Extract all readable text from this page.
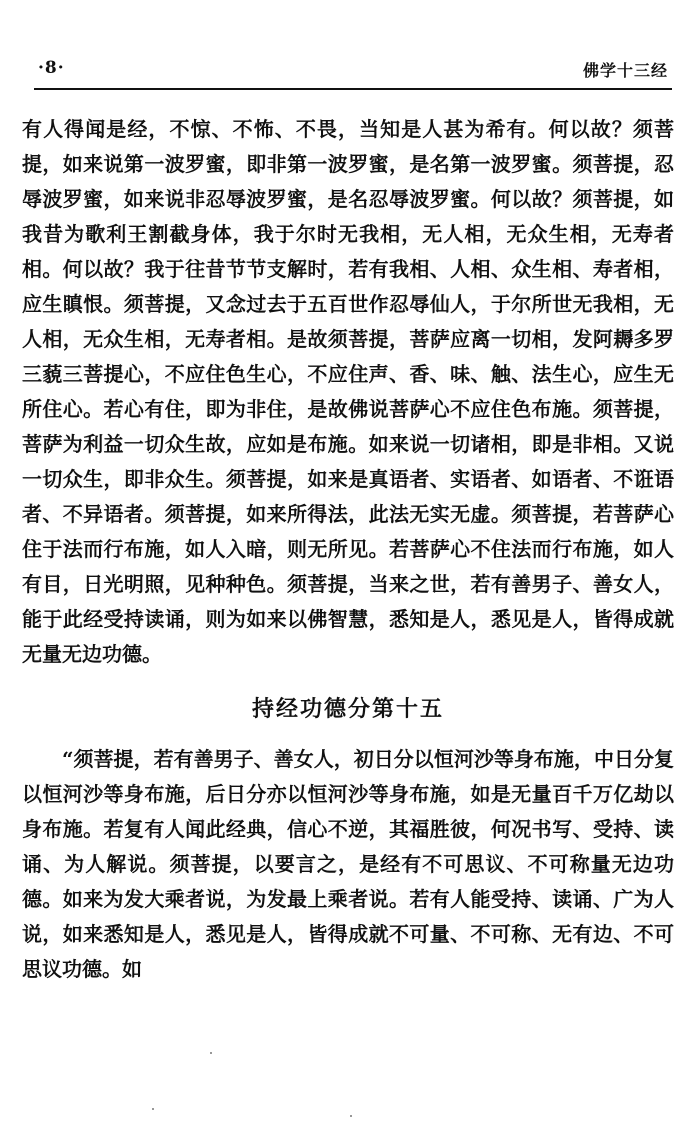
·8·	佛学十三经

有人得闻是经，不惊、不怖、不畏，当知是人甚为希有。何以故？须菩提，如来说第一波罗蜜，即非第一波罗蜜，是名第一波罗蜜。须菩提，忍辱波罗蜜，如来说非忍辱波罗蜜，是名忍辱波罗蜜。何以故？须菩提，如我昔为歌利王割截身体，我于尔时无我相，无人相，无众生相，无寿者相。何以故？我于往昔节节支解时，若有我相、人相、众生相、寿者相，应生瞋恨。须菩提，又念过去于五百世作忍辱仙人，于尔所世无我相，无人相，无众生相，无寿者相。是故须菩提，菩萨应离一切相，发阿耨多罗三藐三菩提心，不应住色生心，不应住声、香、味、触、法生心，应生无所住心。若心有住，即为非住，是故佛说菩萨心不应住色布施。须菩提，菩萨为利益一切众生故，应如是布施。如来说一切诸相，即是非相。又说一切众生，即非众生。须菩提，如来是真语者、实语者、如语者、不诳语者、不异语者。须菩提，如来所得法，此法无实无虚。须菩提，若菩萨心住于法而行布施，如人入暗，则无所见。若菩萨心不住法而行布施，如人有目，日光明照，见种种色。须菩提，当来之世，若有善男子、善女人，能于此经受持读诵，则为如来以佛智慧，悉知是人，悉见是人，皆得成就无量无边功德。

持经功德分第十五

“须菩提，若有善男子、善女人，初日分以恒河沙等身布施，中日分复以恒河沙等身布施，后日分亦以恒河沙等身布施，如是无量百千万亿劫以身布施。若复有人闻此经典，信心不逆，其福胜彼，何况书写、受持、读诵、为人解说。须菩提，以要言之，是经有不可思议、不可称量无边功德。如来为发大乘者说，为发最上乘者说。若有人能受持、读诵、广为人说，如来悉知是人，悉见是人，皆得成就不可量、不可称、无有边、不可思议功德。如
